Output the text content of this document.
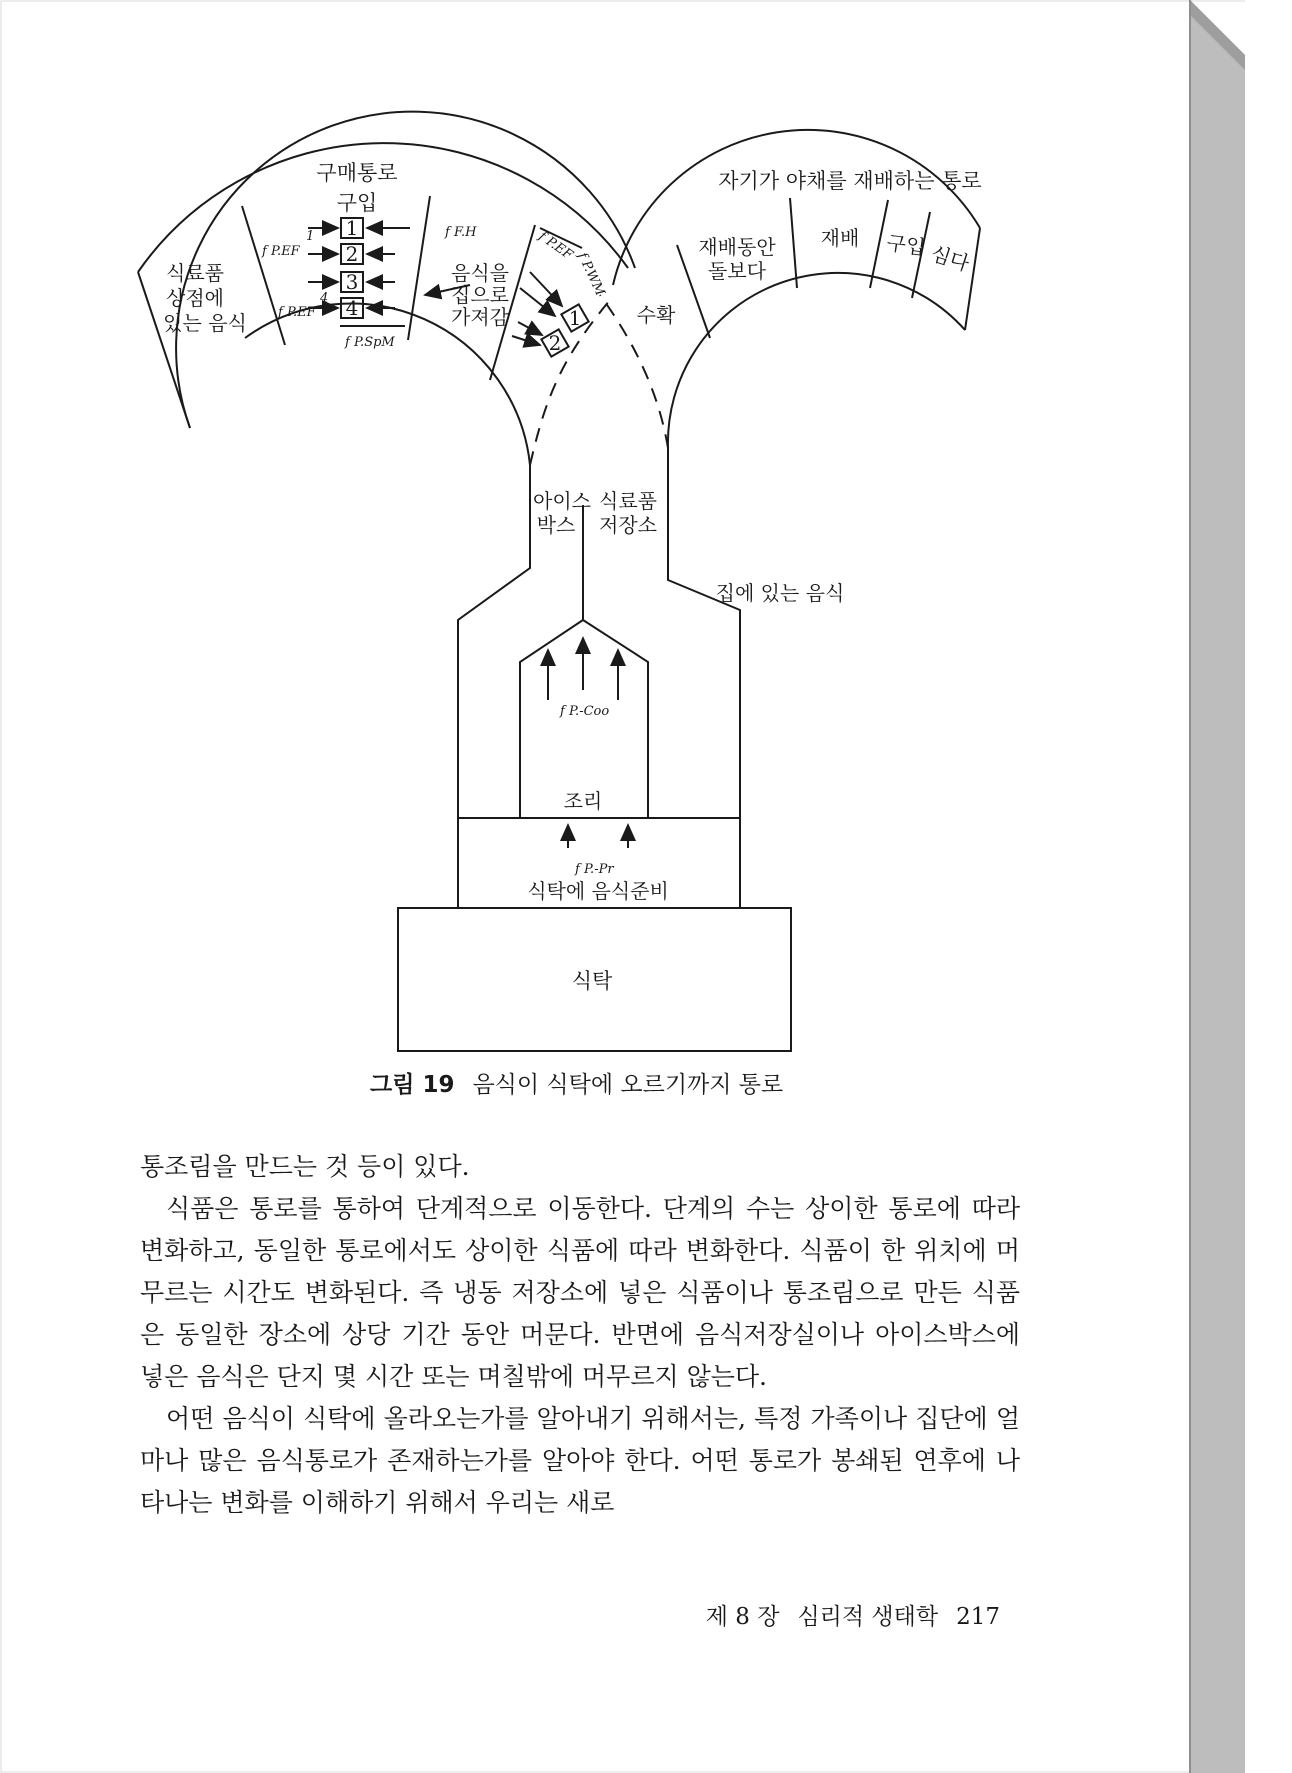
1
2
3
4	1
2
구매통로
구입
식료품
상점에
있는 음식
f P.EF
1
f P.EF
4
f P.SpM
f F.H
음식을
집으로
가져감
f P.EF
f P.WM
자기가 야채를 재배하는 통로
수확
재배동안
돌보다
재배 구입 심다
아이스
박스
식료품
저장소
집에 있는 음식
f P.-Coo
조리
f P.-Pr
식탁에 음식준비
식탁
그림 19 음식이 식탁에 오르기까지 통로

통조림을 만드는 것 등이 있다.

식품은 통로를 통하여 단계적으로 이동한다. 단계의 수는 상이한 통로에 따라 변화하고, 동일한 통로에서도 상이한 식품에 따라 변화한다. 식품이 한 위치에 머무르는 시간도 변화된다. 즉 냉동 저장소에 넣은 식품이나 통조림으로 만든 식품은 동일한 장소에 상당 기간 동안 머문다. 반면에 음식저장실이나 아이스박스에 넣은 음식은 단지 몇 시간 또는 며칠밖에 머무르지 않는다.

어떤 음식이 식탁에 올라오는가를 알아내기 위해서는, 특정 가족이나 집단에 얼마나 많은 음식통로가 존재하는가를 알아야 한다. 어떤 통로가 봉쇄된 연후에 나타나는 변화를 이해하기 위해서 우리는 새로

제 8 장 심리적 생태학 217
